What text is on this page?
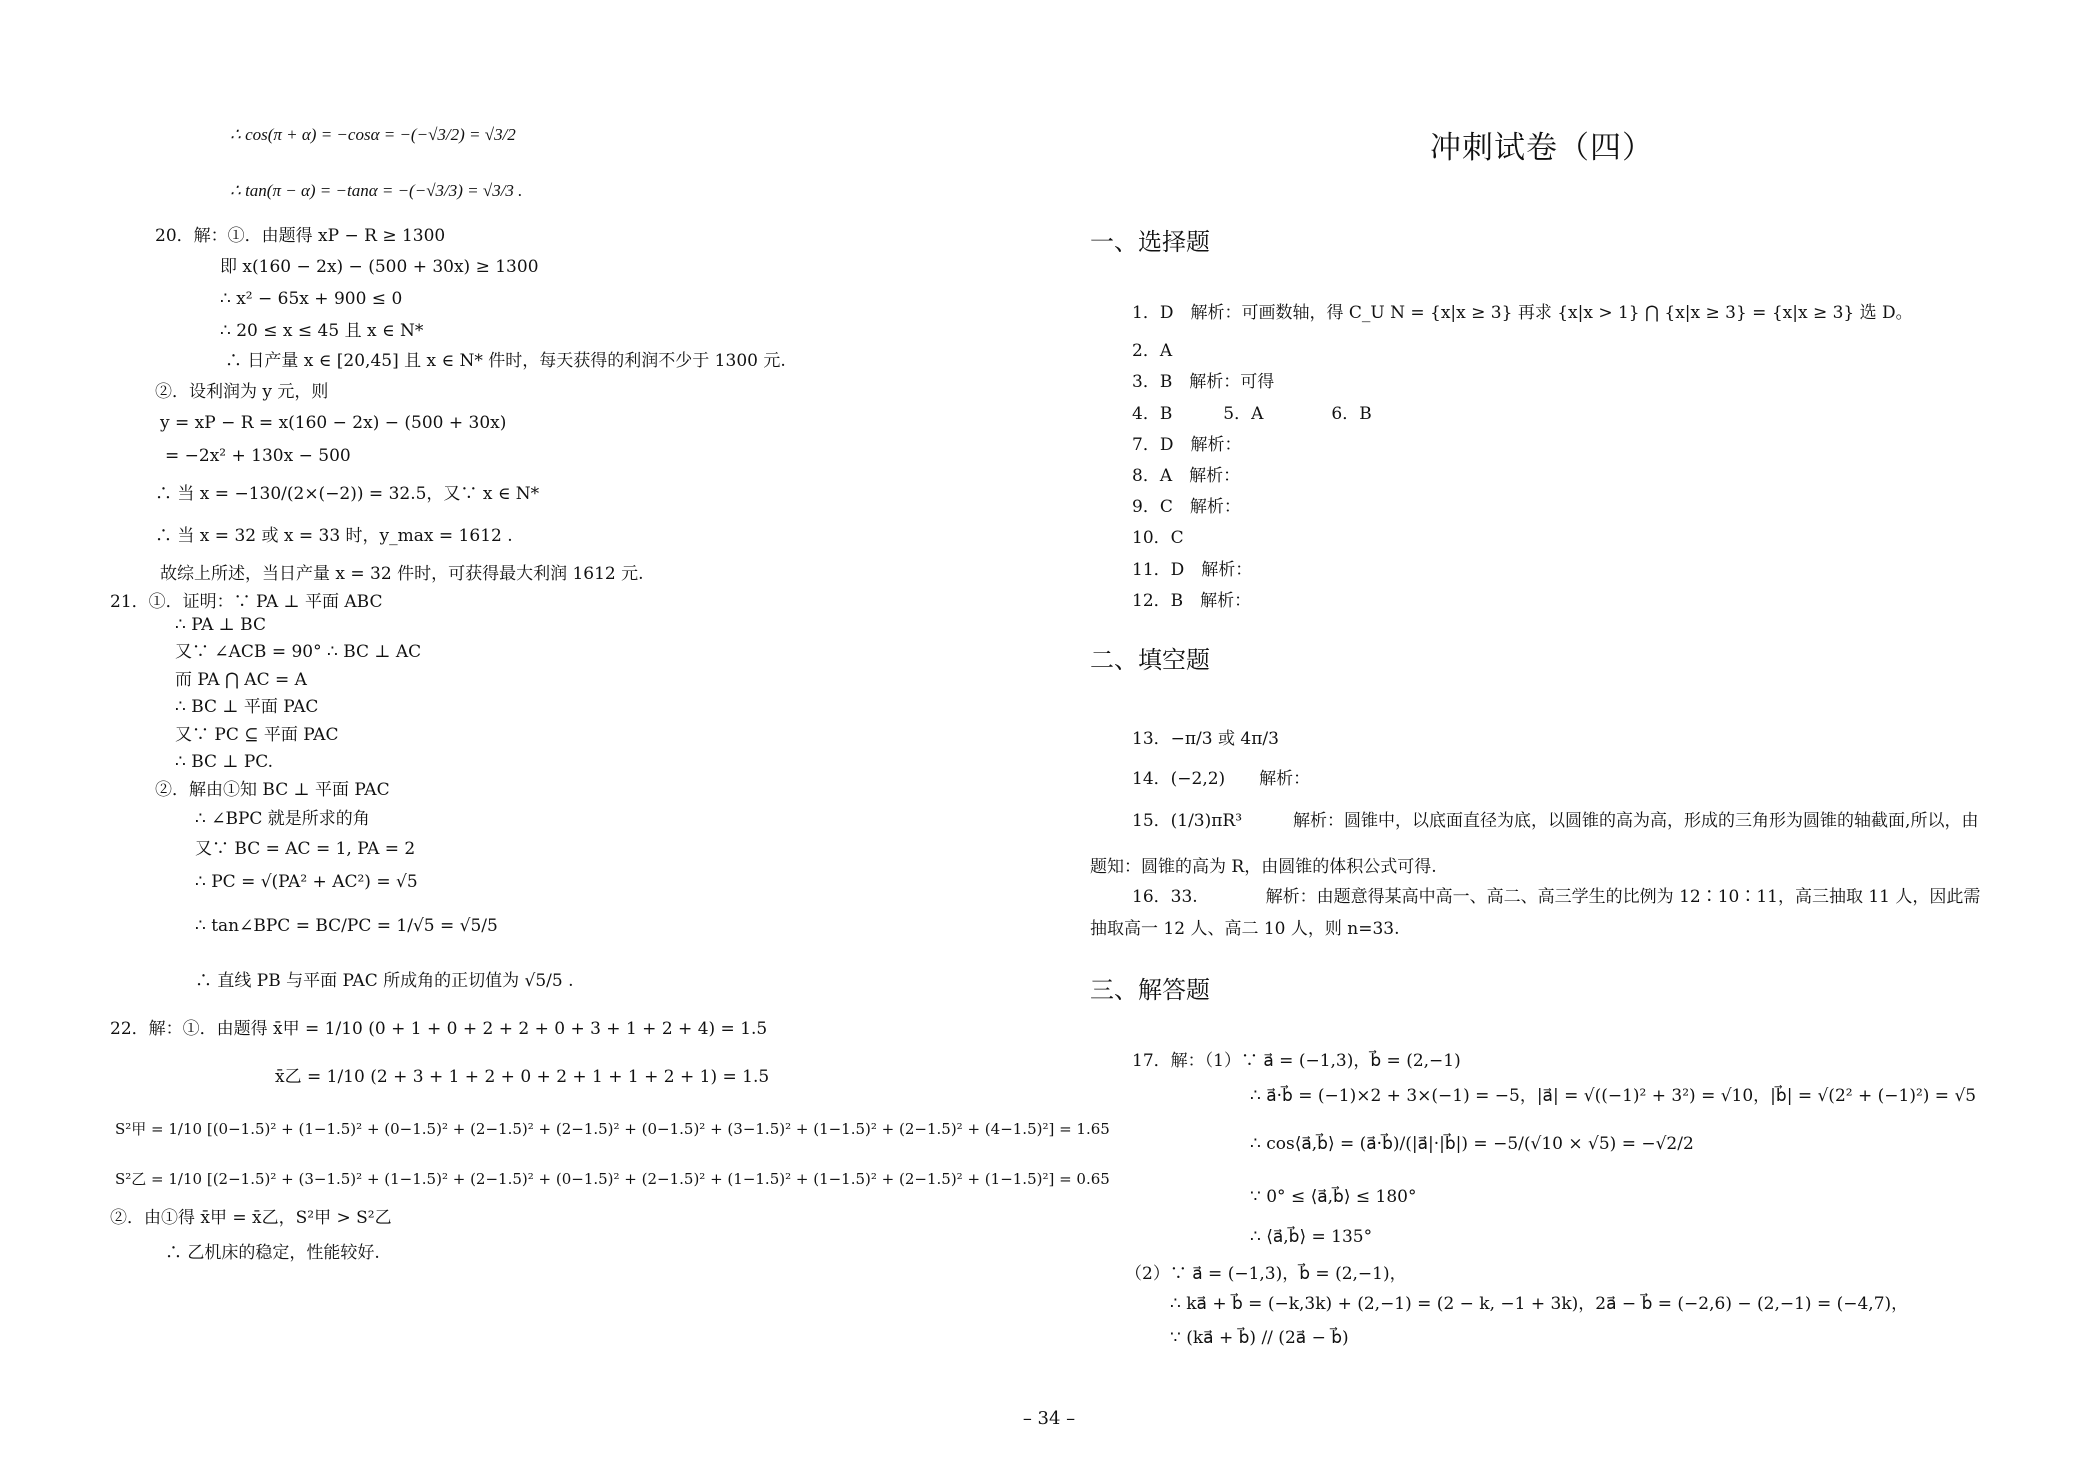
∴ cos(π + α) = −cosα = −(−√3/2) = √3/2
∴ tan(π − α) = −tanα = −(−√3/3) = √3/3 .
20．解：①．由题得 xP − R ≥ 1300
即 x(160 − 2x) − (500 + 30x) ≥ 1300
∴ x² − 65x + 900 ≤ 0
∴ 20 ≤ x ≤ 45 且 x ∈ N*
∴ 日产量 x ∈ [20,45] 且 x ∈ N* 件时，每天获得的利润不少于 1300 元.
②．设利润为 y 元，则
y = xP − R = x(160 − 2x) − (500 + 30x)
= −2x² + 130x − 500
∴ 当 x = −130/(2×(−2)) = 32.5，又∵ x ∈ N*
∴ 当 x = 32 或 x = 33 时，y_max = 1612 .
故综上所述，当日产量 x = 32 件时，可获得最大利润 1612 元.
21．①．证明：∵ PA ⊥ 平面 ABC
∴ PA ⊥ BC
又∵ ∠ACB = 90° ∴ BC ⊥ AC
而 PA ⋂ AC = A
∴ BC ⊥ 平面 PAC
又∵ PC ⊆ 平面 PAC
∴ BC ⊥ PC.
②．解由①知 BC ⊥ 平面 PAC
∴ ∠BPC 就是所求的角
又∵ BC = AC = 1, PA = 2
∴ PC = √(PA² + AC²) = √5
∴ tan∠BPC = BC/PC = 1/√5 = √5/5
∴ 直线 PB 与平面 PAC 所成角的正切值为 √5/5 .
22．解：①．由题得 x̄甲 = 1/10 (0 + 1 + 0 + 2 + 2 + 0 + 3 + 1 + 2 + 4) = 1.5
x̄乙 = 1/10 (2 + 3 + 1 + 2 + 0 + 2 + 1 + 1 + 2 + 1) = 1.5
S²甲 = 1/10 [(0−1.5)² + (1−1.5)² + (0−1.5)² + (2−1.5)² + (2−1.5)² + (0−1.5)² + (3−1.5)² + (1−1.5)² + (2−1.5)² + (4−1.5)²] = 1.65
S²乙 = 1/10 [(2−1.5)² + (3−1.5)² + (1−1.5)² + (2−1.5)² + (0−1.5)² + (2−1.5)² + (1−1.5)² + (1−1.5)² + (2−1.5)² + (1−1.5)²] = 0.65
②．由①得 x̄甲 = x̄乙，S²甲 > S²乙
∴ 乙机床的稳定，性能较好.
冲刺试卷（四）
一、选择题
二、填空题
三、解答题
1．D　解析：可画数轴，得 C_U N = {x|x ≥ 3} 再求 {x|x > 1} ⋂ {x|x ≥ 3} = {x|x ≥ 3} 选 D。
2．A
3．B　解析：可得
4．B　　　5．A　　　　6．B
7．D　解析：
8．A　解析：
9．C　解析：
10．C
11．D　解析：
12．B　解析：
13．−π/3 或 4π/3
14．(−2,2)　　解析：
15．(1/3)πR³　　　解析：圆锥中，以底面直径为底，以圆锥的高为高，形成的三角形为圆锥的轴截面,所以，由
题知：圆锥的高为 R，由圆锥的体积公式可得.
16．33.　　　　解析：由题意得某高中高一、高二、高三学生的比例为 12∶10∶11，高三抽取 11 人，因此需
抽取高一 12 人、高二 10 人，则 n=33.
17．解：（1）∵ a⃗ = (−1,3)，b⃗ = (2,−1)
∴ a⃗·b⃗ = (−1)×2 + 3×(−1) = −5，|a⃗| = √((−1)² + 3²) = √10，|b⃗| = √(2² + (−1)²) = √5
∴ cos⟨a⃗,b⃗⟩ = (a⃗·b⃗)/(|a⃗|·|b⃗|) = −5/(√10 × √5) = −√2/2
∵ 0° ≤ ⟨a⃗,b⃗⟩ ≤ 180°
∴ ⟨a⃗,b⃗⟩ = 135°
（2）∵ a⃗ = (−1,3)，b⃗ = (2,−1)，
∴ ka⃗ + b⃗ = (−k,3k) + (2,−1) = (2 − k, −1 + 3k)，2a⃗ − b⃗ = (−2,6) − (2,−1) = (−4,7)，
∵ (ka⃗ + b⃗) // (2a⃗ − b⃗)
– 34 –
